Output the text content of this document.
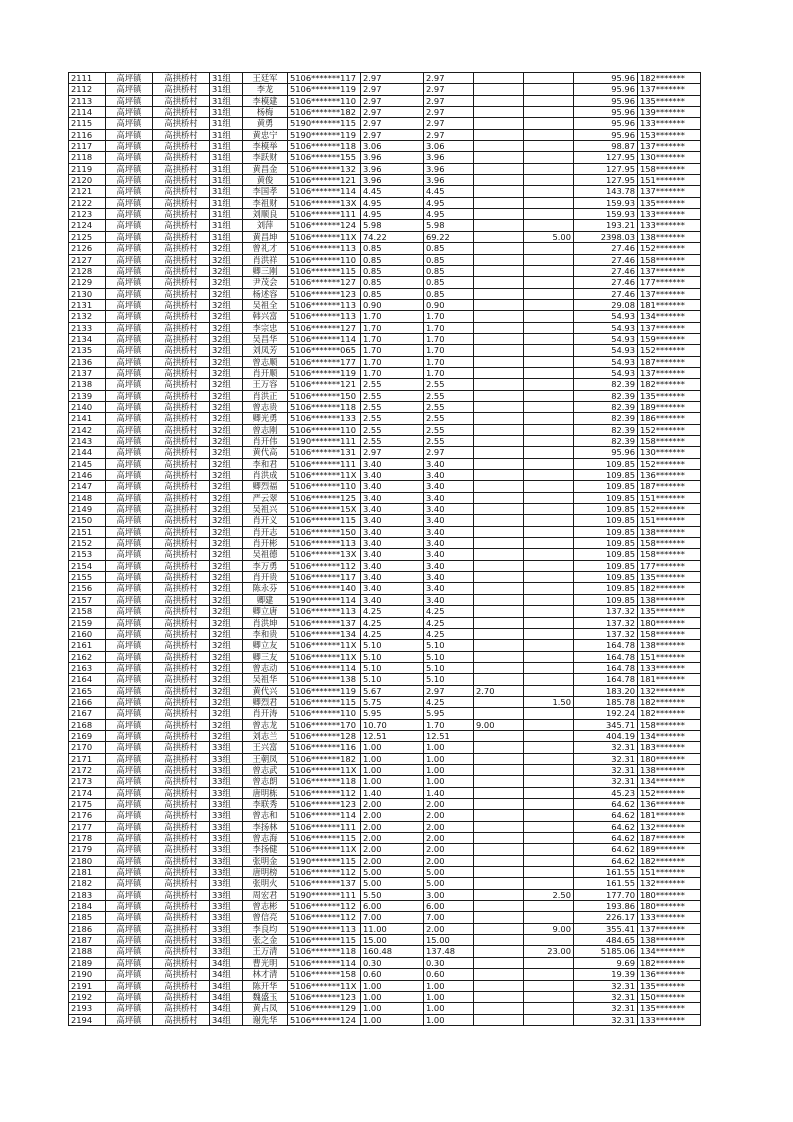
2111	高坪镇	高拱桥村	31组	王廷军	5106*******117	2.97	2.97			95.96	182*******
2112	高坪镇	高拱桥村	31组	李龙	5106*******119	2.97	2.97			95.96	137*******
2113	高坪镇	高拱桥村	31组	李模建	5106*******110	2.97	2.97			95.96	135*******
2114	高坪镇	高拱桥村	31组	杨梅	5106*******182	2.97	2.97			95.96	139*******
2115	高坪镇	高拱桥村	31组	黄勇	5190*******115	2.97	2.97			95.96	133*******
2116	高坪镇	高拱桥村	31组	黄忠宁	5190*******119	2.97	2.97			95.96	153*******
2117	高坪镇	高拱桥村	31组	李模举	5106*******118	3.06	3.06			98.87	137*******
2118	高坪镇	高拱桥村	31组	李跃财	5106*******155	3.96	3.96			127.95	130*******
2119	高坪镇	高拱桥村	31组	黄昌金	5106*******132	3.96	3.96			127.95	158*******
2120	高坪镇	高拱桥村	31组	黄俊	5106*******121	3.96	3.96			127.95	151*******
2121	高坪镇	高拱桥村	31组	李国孝	5106*******114	4.45	4.45			143.78	137*******
2122	高坪镇	高拱桥村	31组	李祖财	5106*******13X	4.95	4.95			159.93	135*******
2123	高坪镇	高拱桥村	31组	刘顺良	5106*******111	4.95	4.95			159.93	133*******
2124	高坪镇	高拱桥村	31组	刘萍	5106*******124	5.98	5.98			193.21	133*******
2125	高坪镇	高拱桥村	31组	黄昌坤	5106*******11X	74.22	69.22		5.00	2398.03	138*******
2126	高坪镇	高拱桥村	32组	曾礼才	5106*******113	0.85	0.85			27.46	152*******
2127	高坪镇	高拱桥村	32组	肖洪祥	5106*******110	0.85	0.85			27.46	158*******
2128	高坪镇	高拱桥村	32组	卿三刚	5106*******115	0.85	0.85			27.46	137*******
2129	高坪镇	高拱桥村	32组	尹茂会	5106*******127	0.85	0.85			27.46	177*******
2130	高坪镇	高拱桥村	32组	杨述容	5106*******123	0.85	0.85			27.46	137*******
2131	高坪镇	高拱桥村	32组	吴祖全	5106*******113	0.90	0.90			29.08	181*******
2132	高坪镇	高拱桥村	32组	韩兴富	5106*******113	1.70	1.70			54.93	134*******
2133	高坪镇	高拱桥村	32组	李宗忠	5106*******127	1.70	1.70			54.93	137*******
2134	高坪镇	高拱桥村	32组	吴昌华	5106*******114	1.70	1.70			54.93	159*******
2135	高坪镇	高拱桥村	32组	刘凤芳	5106*******065	1.70	1.70			54.93	152*******
2136	高坪镇	高拱桥村	32组	曾志顺	5106*******177	1.70	1.70			54.93	187*******
2137	高坪镇	高拱桥村	32组	肖开顺	5106*******119	1.70	1.70			54.93	137*******
2138	高坪镇	高拱桥村	32组	王万容	5106*******121	2.55	2.55			82.39	182*******
2139	高坪镇	高拱桥村	32组	肖洪正	5106*******150	2.55	2.55			82.39	135*******
2140	高坪镇	高拱桥村	32组	曾志贵	5106*******118	2.55	2.55			82.39	189*******
2141	高坪镇	高拱桥村	32组	卿光勇	5106*******133	2.55	2.55			82.39	186*******
2142	高坪镇	高拱桥村	32组	曾志刚	5106*******110	2.55	2.55			82.39	152*******
2143	高坪镇	高拱桥村	32组	肖开伟	5190*******111	2.55	2.55			82.39	158*******
2144	高坪镇	高拱桥村	32组	黄代高	5106*******131	2.97	2.97			95.96	130*******
2145	高坪镇	高拱桥村	32组	李和君	5106*******111	3.40	3.40			109.85	152*******
2146	高坪镇	高拱桥村	32组	肖洪成	5106*******11X	3.40	3.40			109.85	136*******
2147	高坪镇	高拱桥村	32组	卿烈福	5106*******110	3.40	3.40			109.85	187*******
2148	高坪镇	高拱桥村	32组	严云翠	5106*******125	3.40	3.40			109.85	151*******
2149	高坪镇	高拱桥村	32组	吴祖兴	5106*******15X	3.40	3.40			109.85	152*******
2150	高坪镇	高拱桥村	32组	肖开义	5106*******115	3.40	3.40			109.85	151*******
2151	高坪镇	高拱桥村	32组	肖开志	5106*******150	3.40	3.40			109.85	138*******
2152	高坪镇	高拱桥村	32组	肖开彬	5106*******113	3.40	3.40			109.85	158*******
2153	高坪镇	高拱桥村	32组	吴祖德	5106*******13X	3.40	3.40			109.85	158*******
2154	高坪镇	高拱桥村	32组	李万勇	5106*******112	3.40	3.40			109.85	177*******
2155	高坪镇	高拱桥村	32组	肖开贵	5106*******117	3.40	3.40			109.85	135*******
2156	高坪镇	高拱桥村	32组	陈永芬	5106*******140	3.40	3.40			109.85	182*******
2157	高坪镇	高拱桥村	32组	卿建	5190*******114	3.40	3.40			109.85	138*******
2158	高坪镇	高拱桥村	32组	卿立唐	5106*******113	4.25	4.25			137.32	135*******
2159	高坪镇	高拱桥村	32组	肖洪坤	5106*******137	4.25	4.25			137.32	180*******
2160	高坪镇	高拱桥村	32组	李和贵	5106*******134	4.25	4.25			137.32	158*******
2161	高坪镇	高拱桥村	32组	卿立友	5106*******11X	5.10	5.10			164.78	138*******
2162	高坪镇	高拱桥村	32组	卿三友	5106*******11X	5.10	5.10			164.78	151*******
2163	高坪镇	高拱桥村	32组	曾志动	5106*******114	5.10	5.10			164.78	133*******
2164	高坪镇	高拱桥村	32组	吴祖华	5106*******138	5.10	5.10			164.78	181*******
2165	高坪镇	高拱桥村	32组	黄代兴	5106*******119	5.67	2.97	2.70		183.20	132*******
2166	高坪镇	高拱桥村	32组	卿烈君	5106*******115	5.75	4.25		1.50	185.78	182*******
2167	高坪镇	高拱桥村	32组	肖开涛	5106*******110	5.95	5.95			192.24	182*******
2168	高坪镇	高拱桥村	32组	曾志龙	5106*******170	10.70	1.70	9.00		345.71	158*******
2169	高坪镇	高拱桥村	32组	刘志兰	5106*******128	12.51	12.51			404.19	134*******
2170	高坪镇	高拱桥村	33组	王兴富	5106*******116	1.00	1.00			32.31	183*******
2171	高坪镇	高拱桥村	33组	王朝凤	5106*******182	1.00	1.00			32.31	180*******
2172	高坪镇	高拱桥村	33组	曾志武	5106*******11X	1.00	1.00			32.31	138*******
2173	高坪镇	高拱桥村	33组	曾志朗	5106*******118	1.00	1.00			32.31	134*******
2174	高坪镇	高拱桥村	33组	唐明栋	5106*******112	1.40	1.40			45.23	152*******
2175	高坪镇	高拱桥村	33组	李联秀	5106*******123	2.00	2.00			64.62	136*******
2176	高坪镇	高拱桥村	33组	曾志和	5106*******114	2.00	2.00			64.62	181*******
2177	高坪镇	高拱桥村	33组	李扬林	5106*******111	2.00	2.00			64.62	132*******
2178	高坪镇	高拱桥村	33组	曾志海	5106*******115	2.00	2.00			64.62	187*******
2179	高坪镇	高拱桥村	33组	李扬健	5106*******11X	2.00	2.00			64.62	189*******
2180	高坪镇	高拱桥村	33组	张明金	5190*******115	2.00	2.00			64.62	182*******
2181	高坪镇	高拱桥村	33组	唐明榜	5106*******112	5.00	5.00			161.55	151*******
2182	高坪镇	高拱桥村	33组	张明火	5106*******137	5.00	5.00			161.55	132*******
2183	高坪镇	高拱桥村	33组	周宏君	5190*******111	5.50	3.00		2.50	177.70	180*******
2184	高坪镇	高拱桥村	33组	曾志彬	5106*******112	6.00	6.00			193.86	180*******
2185	高坪镇	高拱桥村	33组	曾信亮	5106*******112	7.00	7.00			226.17	133*******
2186	高坪镇	高拱桥村	33组	李良均	5190*******113	11.00	2.00		9.00	355.41	137*******
2187	高坪镇	高拱桥村	33组	张之金	5106*******115	15.00	15.00			484.65	138*******
2188	高坪镇	高拱桥村	33组	王万清	5106*******118	160.48	137.48		23.00	5185.06	134*******
2189	高坪镇	高拱桥村	34组	曹光明	5106*******114	0.30	0.30			9.69	182*******
2190	高坪镇	高拱桥村	34组	林才清	5106*******158	0.60	0.60			19.39	136*******
2191	高坪镇	高拱桥村	34组	陈开华	5106*******11X	1.00	1.00			32.31	135*******
2192	高坪镇	高拱桥村	34组	魏盛玉	5106*******123	1.00	1.00			32.31	150*******
2193	高坪镇	高拱桥村	34组	黄占凤	5106*******129	1.00	1.00			32.31	135*******
2194	高坪镇	高拱桥村	34组	谢先华	5106*******124	1.00	1.00			32.31	133*******
